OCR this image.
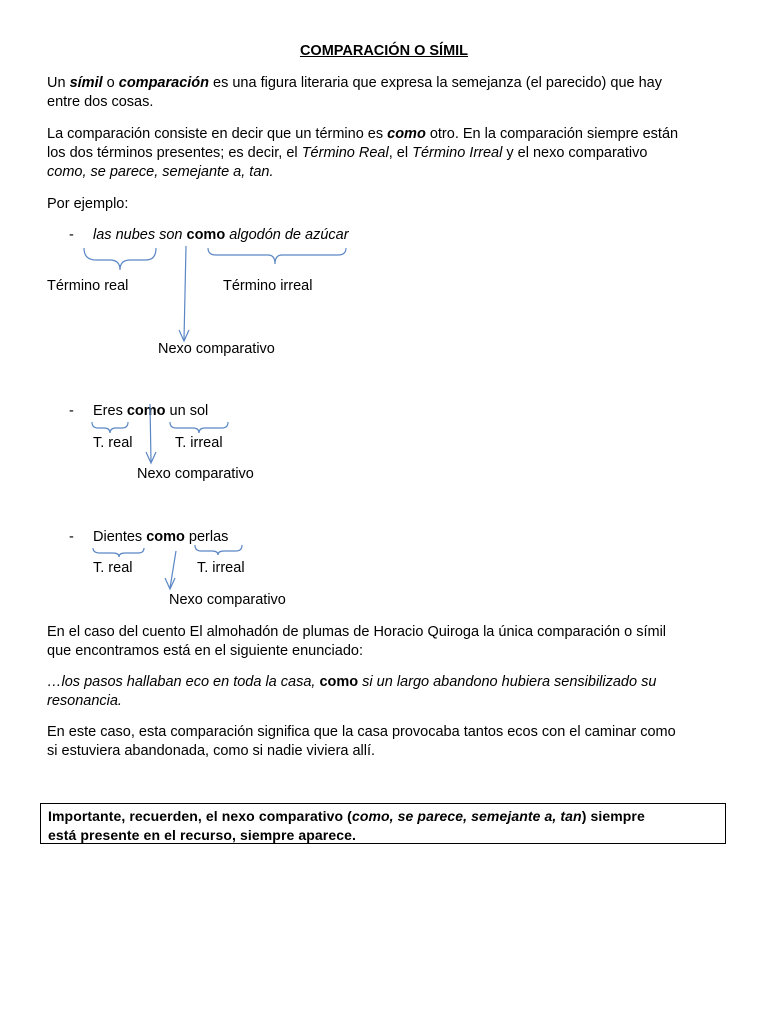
COMPARACIÓN O SÍMIL
Un símil o comparación es una figura literaria que expresa la semejanza (el parecido) que hay
entre dos cosas.
La comparación consiste en decir que un término es como otro. En la comparación siempre están
los dos términos presentes; es decir, el Término Real, el Término Irreal y el nexo comparativo
como, se parece, semejante a, tan.
Por ejemplo:
- las nubes son como algodón de azúcar
Término real	Término irreal
Nexo comparativo
- Eres como un sol
T. real	T. irreal
Nexo comparativo
- Dientes como perlas
T. real	T. irreal
Nexo comparativo
En el caso del cuento El almohadón de plumas de Horacio Quiroga la única comparación o símil
que encontramos está en el siguiente enunciado:
…los pasos hallaban eco en toda la casa, como si un largo abandono hubiera sensibilizado su
resonancia.
En este caso, esta comparación significa que la casa provocaba tantos ecos con el caminar como
si estuviera abandonada, como si nadie viviera allí.
Importante, recuerden, el nexo comparativo (como, se parece, semejante a, tan) siempre
está presente en el recurso, siempre aparece.
